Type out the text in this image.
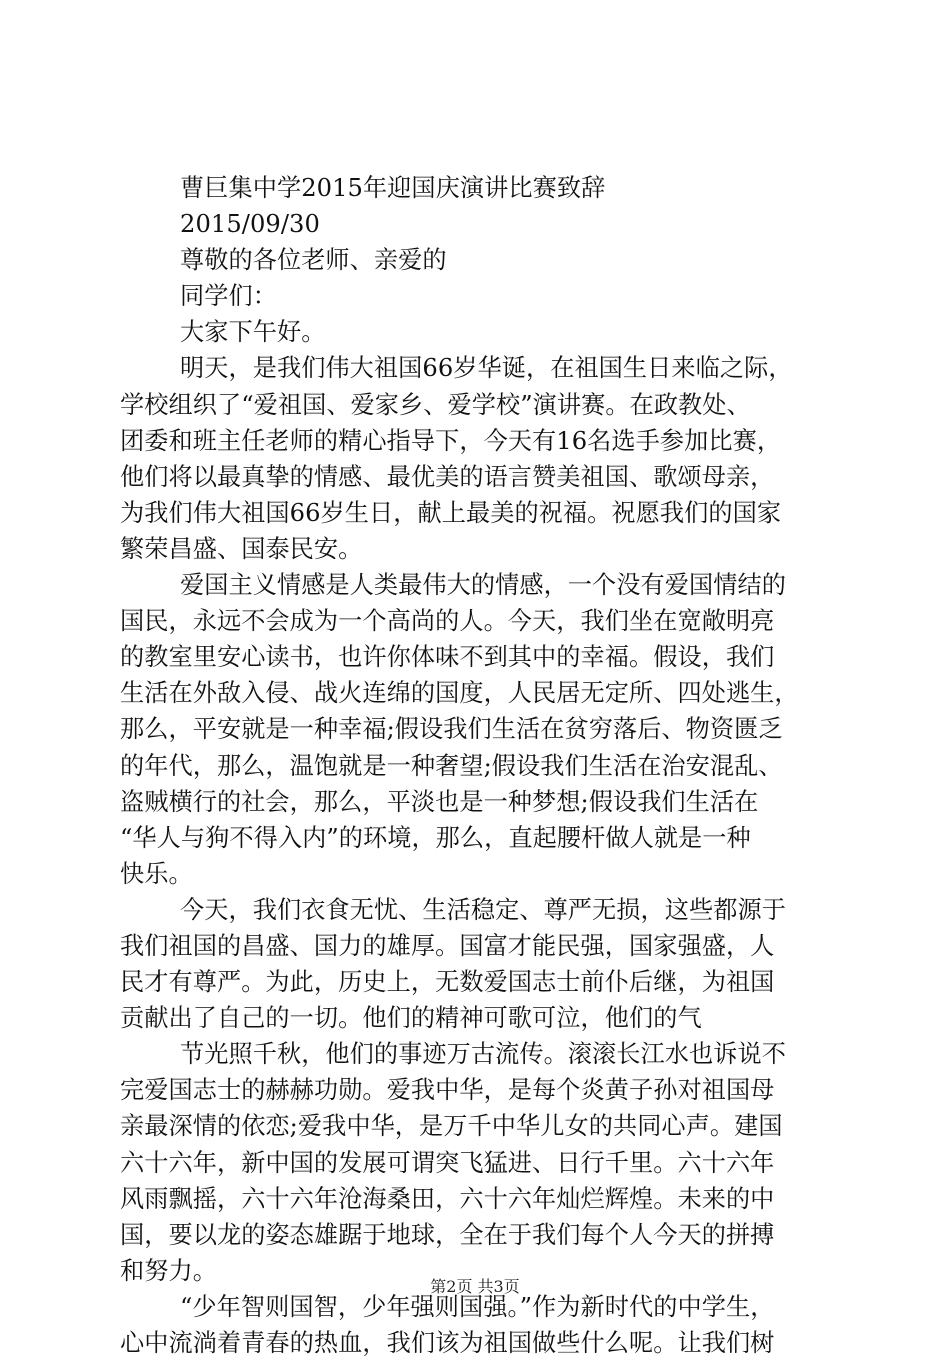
曹巨集中学2015年迎国庆演讲比赛致辞
2015/09/30
尊敬的各位老师、亲爱的
同学们：
大家下午好。
明天，是我们伟大祖国66岁华诞，在祖国生日来临之际，
学校组织了“爱祖国、爱家乡、爱学校”演讲赛。在政教处、
团委和班主任老师的精心指导下，今天有16名选手参加比赛，
他们将以最真挚的情感、最优美的语言赞美祖国、歌颂母亲，
为我们伟大祖国66岁生日，献上最美的祝福。祝愿我们的国家
繁荣昌盛、国泰民安。
爱国主义情感是人类最伟大的情感，一个没有爱国情结的
国民，永远不会成为一个高尚的人。今天，我们坐在宽敞明亮
的教室里安心读书，也许你体味不到其中的幸福。假设，我们
生活在外敌入侵、战火连绵的国度，人民居无定所、四处逃生，
那么，平安就是一种幸福;假设我们生活在贫穷落后、物资匮乏
的年代，那么，温饱就是一种奢望;假设我们生活在治安混乱、
盗贼横行的社会，那么，平淡也是一种梦想;假设我们生活在
“华人与狗不得入内”的环境，那么，直起腰杆做人就是一种
快乐。
今天，我们衣食无忧、生活稳定、尊严无损，这些都源于
我们祖国的昌盛、国力的雄厚。国富才能民强，国家强盛，人
民才有尊严。为此，历史上，无数爱国志士前仆后继，为祖国
贡献出了自己的一切。他们的精神可歌可泣，他们的气
节光照千秋，他们的事迹万古流传。滚滚长江水也诉说不
完爱国志士的赫赫功勋。爱我中华，是每个炎黄子孙对祖国母
亲最深情的依恋;爱我中华，是万千中华儿女的共同心声。建国
六十六年，新中国的发展可谓突飞猛进、日行千里。六十六年
风雨飘摇，六十六年沧海桑田，六十六年灿烂辉煌。未来的中
国，要以龙的姿态雄踞于地球，全在于我们每个人今天的拼搏
和努力。
“少年智则国智，少年强则国强。”作为新时代的中学生，
心中流淌着青春的热血，我们该为祖国做些什么呢。让我们树
第2页 共3页
